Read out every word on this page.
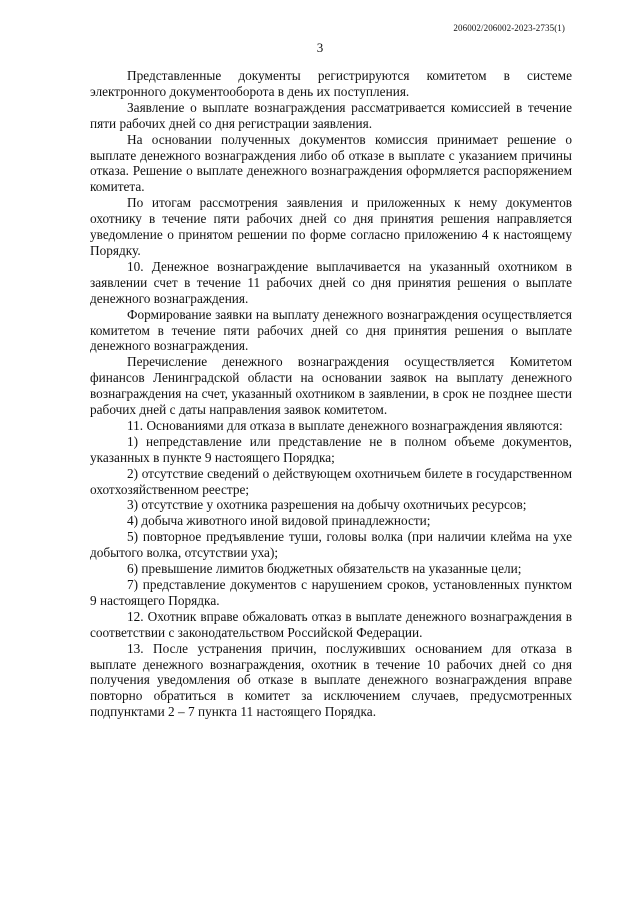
206002/206002-2023-2735(1)
3

Представленные документы регистрируются комитетом в системе электронного документооборота в день их поступления.

Заявление о выплате вознаграждения рассматривается комиссией в течение пяти рабочих дней со дня регистрации заявления.

На основании полученных документов комиссия принимает решение о выплате денежного вознаграждения либо об отказе в выплате с указанием причины отказа. Решение о выплате денежного вознаграждения оформляется распоряжением комитета.

По итогам рассмотрения заявления и приложенных к нему документов охотнику в течение пяти рабочих дней со дня принятия решения направляется уведомление о принятом решении по форме согласно приложению 4 к настоящему Порядку.

10. Денежное вознаграждение выплачивается на указанный охотником в заявлении счет в течение 11 рабочих дней со дня принятия решения о выплате денежного вознаграждения.

Формирование заявки на выплату денежного вознаграждения осуществляется комитетом в течение пяти рабочих дней со дня принятия решения о выплате денежного вознаграждения.

Перечисление денежного вознаграждения осуществляется Комитетом финансов Ленинградской области на основании заявок на выплату денежного вознаграждения на счет, указанный охотником в заявлении, в срок не позднее шести рабочих дней с даты направления заявок комитетом.

11. Основаниями для отказа в выплате денежного вознаграждения являются:

1) непредставление или представление не в полном объеме документов, указанных в пункте 9 настоящего Порядка;

2) отсутствие сведений о действующем охотничьем билете в государственном охотхозяйственном реестре;

3) отсутствие у охотника разрешения на добычу охотничьих ресурсов;

4) добыча животного иной видовой принадлежности;

5) повторное предъявление туши, головы волка (при наличии клейма на ухе добытого волка, отсутствии уха);

6) превышение лимитов бюджетных обязательств на указанные цели;

7) представление документов с нарушением сроков, установленных пунктом 9 настоящего Порядка.

12. Охотник вправе обжаловать отказ в выплате денежного вознаграждения в соответствии с законодательством Российской Федерации.

13. После устранения причин, послуживших основанием для отказа в выплате денежного вознаграждения, охотник в течение 10 рабочих дней со дня получения уведомления об отказе в выплате денежного вознаграждения вправе повторно обратиться в комитет за исключением случаев, предусмотренных подпунктами 2 – 7 пункта 11 настоящего Порядка.
